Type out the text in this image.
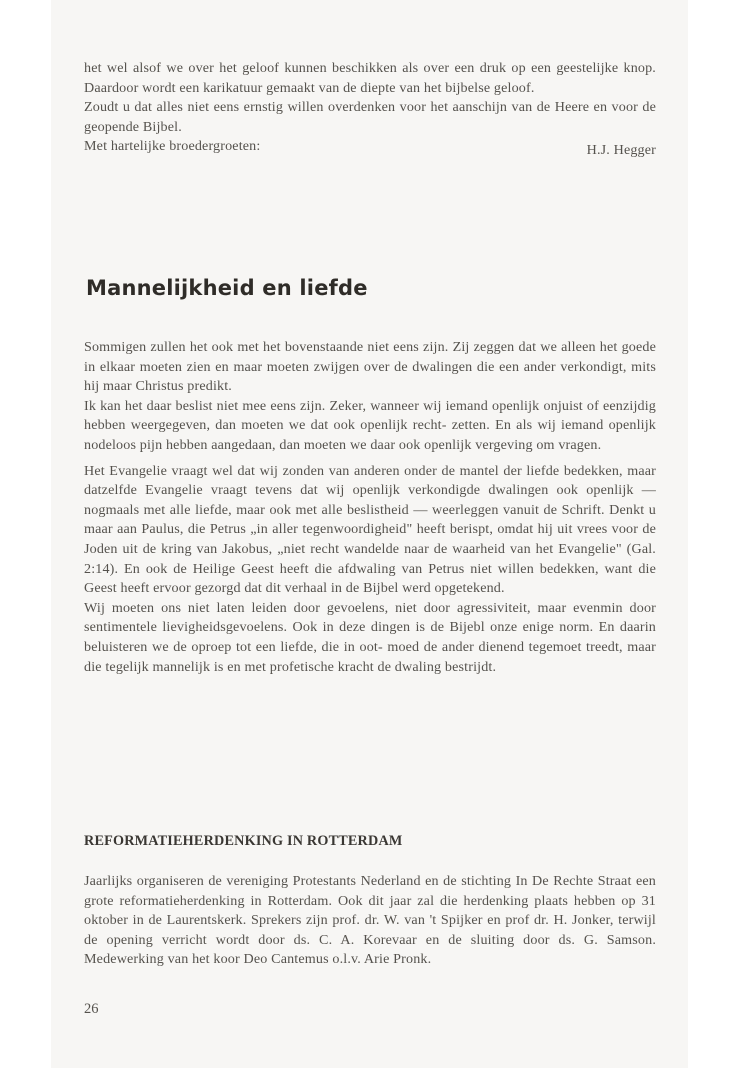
het wel alsof we over het geloof kunnen beschikken als over een druk op een geestelijke knop. Daardoor wordt een karikatuur gemaakt van de diepte van het bijbelse geloof.

Zoudt u dat alles niet eens ernstig willen overdenken voor het aanschijn van de Heere en voor de geopende Bijbel.

Met hartelijke broedergroeten:	H.J. Hegger
Mannelijkheid en liefde

Sommigen zullen het ook met het bovenstaande niet eens zijn. Zij zeggen dat we alleen het goede in elkaar moeten zien en maar moeten zwijgen over de dwalingen die een ander verkondigt, mits hij maar Christus predikt.

Ik kan het daar beslist niet mee eens zijn. Zeker, wanneer wij iemand openlijk onjuist of eenzijdig hebben weergegeven, dan moeten we dat ook openlijk recht- zetten. En als wij iemand openlijk nodeloos pijn hebben aangedaan, dan moeten we daar ook openlijk vergeving om vragen.

Het Evangelie vraagt wel dat wij zonden van anderen onder de mantel der liefde bedekken, maar datzelfde Evangelie vraagt tevens dat wij openlijk verkondigde dwalingen ook openlijk — nogmaals met alle liefde, maar ook met alle beslistheid — weerleggen vanuit de Schrift. Denkt u maar aan Paulus, die Petrus „in aller tegenwoordigheid" heeft berispt, omdat hij uit vrees voor de Joden uit de kring van Jakobus, „niet recht wandelde naar de waarheid van het Evangelie" (Gal. 2:14). En ook de Heilige Geest heeft die afdwaling van Petrus niet willen bedekken, want die Geest heeft ervoor gezorgd dat dit verhaal in de Bijbel werd opgetekend.

Wij moeten ons niet laten leiden door gevoelens, niet door agressiviteit, maar evenmin door sentimentele lievigheidsgevoelens. Ook in deze dingen is de Bijebl onze enige norm. En daarin beluisteren we de oproep tot een liefde, die in oot- moed de ander dienend tegemoet treedt, maar die tegelijk mannelijk is en met profetische kracht de dwaling bestrijdt.

REFORMATIEHERDENKING IN ROTTERDAM

Jaarlijks organiseren de vereniging Protestants Nederland en de stichting In De Rechte Straat een grote reformatieherdenking in Rotterdam. Ook dit jaar zal die herdenking plaats hebben op 31 oktober in de Laurentskerk. Sprekers zijn prof. dr. W. van 't Spijker en prof dr. H. Jonker, terwijl de opening verricht wordt door ds. C. A. Korevaar en de sluiting door ds. G. Samson. Medewerking van het koor Deo Cantemus o.l.v. Arie Pronk.

26
